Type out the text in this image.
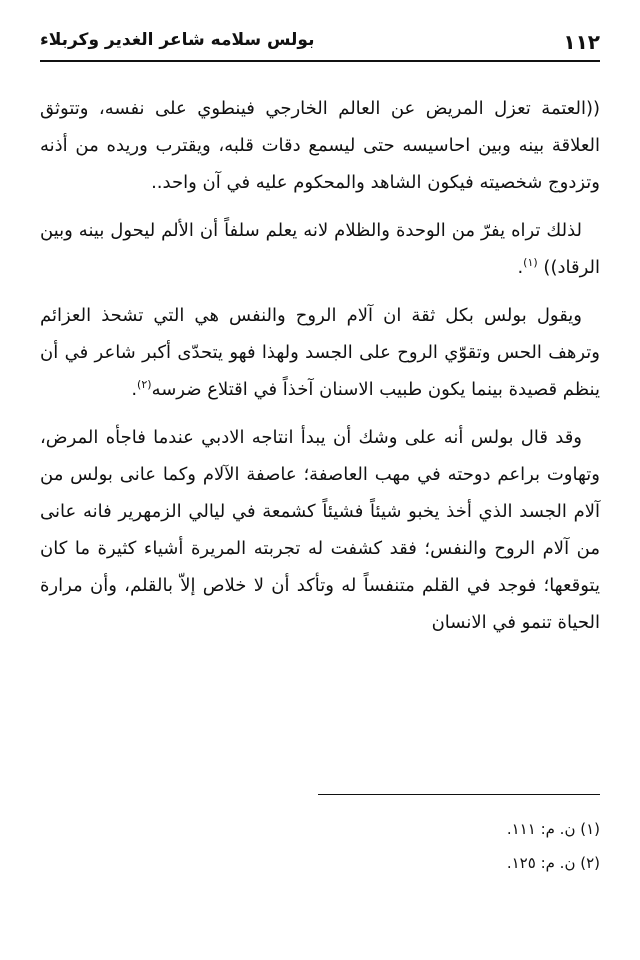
١١٢
بولس سلامه شاعر الغدير وكربلاء

((العتمة تعزل المريض عن العالم الخارجي فينطوي على نفسه، وتتوثق العلاقة بينه وبين احاسيسه حتى ليسمع دقات قلبه، ويقترب وريده من أذنه وتزدوج شخصيته فيكون الشاهد والمحكوم عليه في آن واحد..

لذلك تراه يفرّ من الوحدة والظلام لانه يعلم سلفاً أن الألم ليحول بينه وبين الرقاد)) $^{(١)}$.

ويقول بولس بكل ثقة ان آلام الروح والنفس هي التي تشحذ العزائم وترهف الحس وتقوّي الروح على الجسد ولهذا فهو يتحدّى أكبر شاعر في أن ينظم قصيدة بينما يكون طبيب الاسنان آخذاً في اقتلاع ضرسه$^{(٢)}$.

وقد قال بولس أنه على وشك أن يبدأ انتاجه الادبي عندما فاجأه المرض، وتهاوت براعم دوحته في مهب العاصفة؛ عاصفة الآلام وكما عانى بولس من آلام الجسد الذي أخذ يخبو شيئاً فشيئاً كشمعة في ليالي الزمهرير فانه عانى من آلام الروح والنفس؛ فقد كشفت له تجربته المريرة أشياء كثيرة ما كان يتوقعها؛ فوجد في القلم متنفساً له وتأكد أن لا خلاص إلاّ بالقلم، وأن مرارة الحياة تنمو في الانسان

(١) ن. م: ١١١.

(٢) ن. م: ١٢٥.
